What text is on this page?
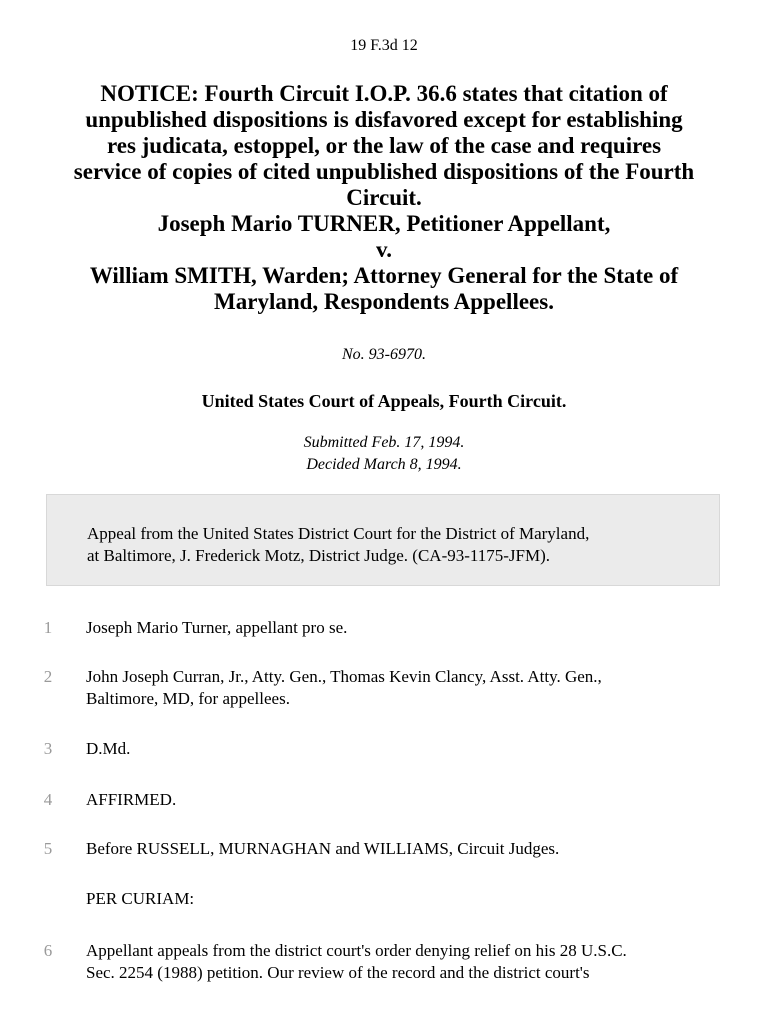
19 F.3d 12
NOTICE: Fourth Circuit I.O.P. 36.6 states that citation of
unpublished dispositions is disfavored except for establishing
res judicata, estoppel, or the law of the case and requires
service of copies of cited unpublished dispositions of the Fourth
Circuit.
Joseph Mario TURNER, Petitioner Appellant,
v.
William SMITH, Warden; Attorney General for the State of
Maryland, Respondents Appellees.
No. 93-6970.
United States Court of Appeals, Fourth Circuit.
Submitted Feb. 17, 1994.
Decided March 8, 1994.
Appeal from the United States District Court for the District of Maryland,
at Baltimore, J. Frederick Motz, District Judge. (CA-93-1175-JFM).
1	Joseph Mario Turner, appellant pro se.
2	John Joseph Curran, Jr., Atty. Gen., Thomas Kevin Clancy, Asst. Atty. Gen.,
Baltimore, MD, for appellees.
3	D.Md.
4	AFFIRMED.
5	Before RUSSELL, MURNAGHAN and WILLIAMS, Circuit Judges.
PER CURIAM:
6	Appellant appeals from the district court's order denying relief on his 28 U.S.C.
Sec. 2254 (1988) petition. Our review of the record and the district court's
